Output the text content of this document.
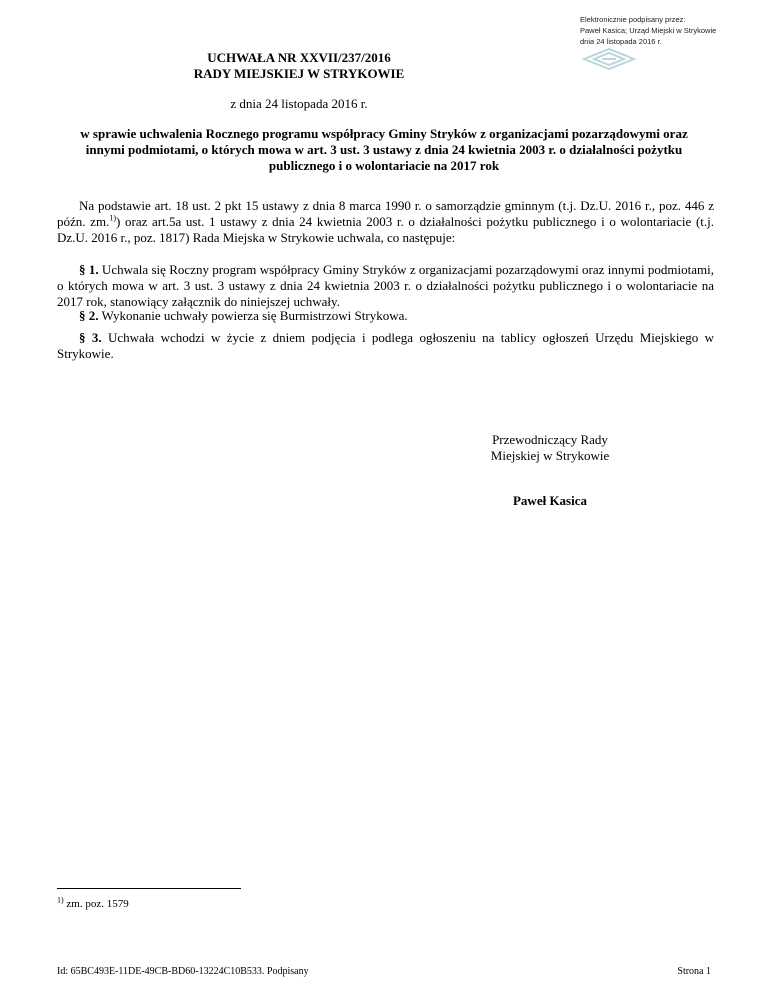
Elektronicznie podpisany przez:
Paweł Kasica; Urząd Miejski w Strykowie
dnia 24 listopada 2016 r.
UCHWAŁA NR XXVII/237/2016
RADY MIEJSKIEJ W STRYKOWIE
z dnia 24 listopada 2016 r.
w sprawie uchwalenia Rocznego programu współpracy Gminy Stryków z organizacjami pozarządowymi oraz innymi podmiotami, o których mowa w art. 3 ust. 3 ustawy z dnia 24 kwietnia 2003 r. o działalności pożytku publicznego i o wolontariacie na 2017 rok
Na podstawie art. 18 ust. 2 pkt 15 ustawy z dnia 8 marca 1990 r. o samorządzie gminnym (t.j. Dz.U. 2016 r., poz. 446 z późn. zm.$^{1)}$) oraz art.5a ust. 1 ustawy z dnia 24 kwietnia 2003 r. o działalności pożytku publicznego i o wolontariacie (t.j. Dz.U. 2016 r., poz. 1817) Rada Miejska w Strykowie uchwala, co następuje:
§ 1. Uchwala się Roczny program współpracy Gminy Stryków z organizacjami pozarządowymi oraz innymi podmiotami, o których mowa w art. 3 ust. 3 ustawy z dnia 24 kwietnia 2003 r. o działalności pożytku publicznego i o wolontariacie na 2017 rok, stanowiący załącznik do niniejszej uchwały.
§ 2. Wykonanie uchwały powierza się Burmistrzowi Strykowa.
§ 3. Uchwała wchodzi w życie z dniem podjęcia i podlega ogłoszeniu na tablicy ogłoszeń Urzędu Miejskiego w Strykowie.
Przewodniczący Rady
Miejskiej w Strykowie
Paweł Kasica
$^{1)}$ zm. poz. 1579
Id: 65BC493E-11DE-49CB-BD60-13224C10B533. Podpisany	Strona 1
